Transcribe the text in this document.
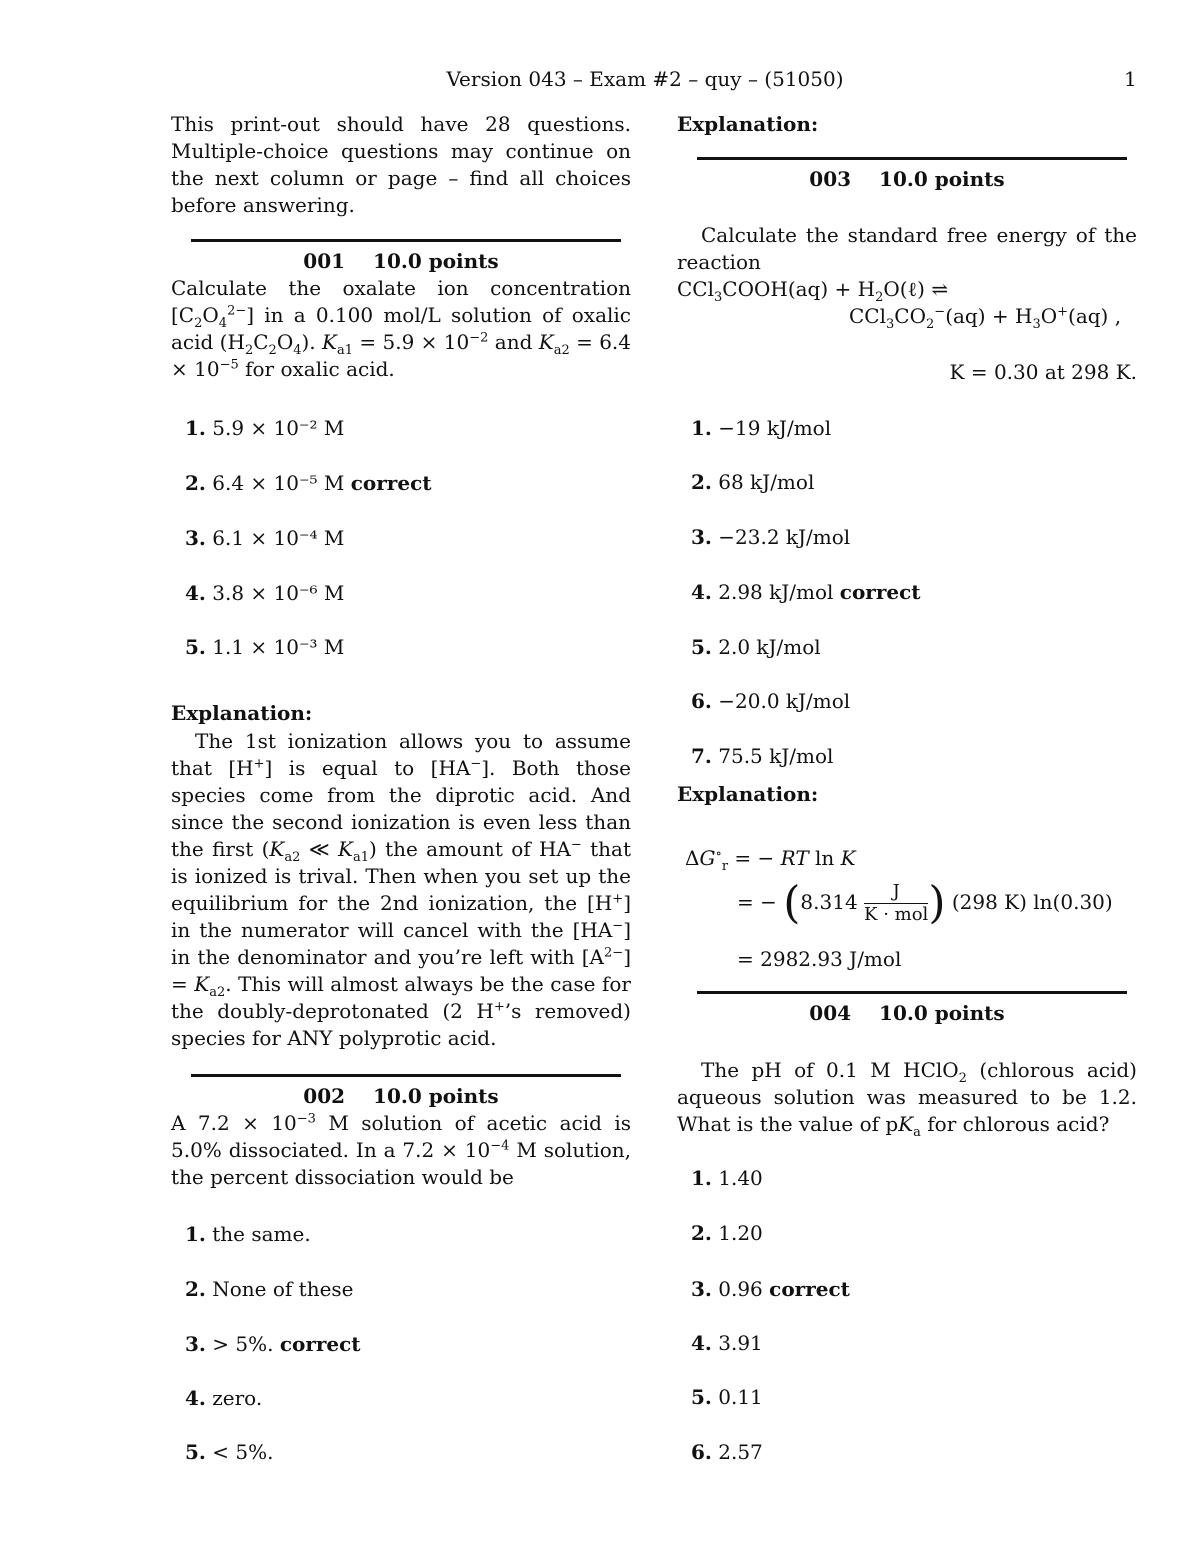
Version 043 – Exam #2 – quy – (51050)	1

This print-out should have 28 questions. Multiple-choice questions may continue on the next column or page – find all choices before answering.

001 10.0 points

Calculate the oxalate ion concentration $[C_2O_4^{2-}]$ in a 0.100 mol/L solution of oxalic acid $(H_2C_2O_4)$. $K_{a1} = 5.9 \times 10^{-2}$ and $K_{a2} = 6.4 \times 10^{-5}$ for oxalic acid.

1. 5.9 × 10⁻² M
2. 6.4 × 10⁻⁵ M correct
3. 6.1 × 10⁻⁴ M
4. 3.8 × 10⁻⁶ M
5. 1.1 × 10⁻³ M
Explanation:

The 1st ionization allows you to assume that [H+] is equal to [HA−]. Both those species come from the diprotic acid. And since the second ionization is even less than the first ($K_{a2}$ ≪ $K_{a1}$) the amount of HA− that is ionized is trival. Then when you set up the equilibrium for the 2nd ionization, the [H+] in the numerator will cancel with the [HA−] in the denominator and you’re left with $[A^{2-}] = K_{a2}$. This will almost always be the case for the doubly-deprotonated (2 H+’s removed) species for ANY polyprotic acid.

002 10.0 points

A $7.2 \times 10^{-3}$ M solution of acetic acid is 5.0% dissociated. In a $7.2 \times 10^{-4}$ M solution, the percent dissociation would be

1. the same.
2. None of these
3. > 5%. correct
4. zero.
5. < 5%.
Explanation:
003 10.0 points

Calculate the standard free energy of the reaction

CCl$_3$COOH(aq) + $H_2O(\ell)$ ⇌
$CCl_3CO_2^-(aq) + H_3O^+(aq)$ ,
K = 0.30 at 298 K.
1. −19 kJ/mol
2. 68 kJ/mol
3. −23.2 kJ/mol
4. 2.98 kJ/mol correct
5. 2.0 kJ/mol
6. −20.0 kJ/mol
7. 75.5 kJ/mol
Explanation:
$\Delta G^\circ_r$ = − RT ln K
= − ($8.314 \frac{J}{\text{K · mol}}$ ) (298 K) ln(0.30)
= 2982.93 J/mol
004 10.0 points

The pH of 0.1 M HClO$_2$ (chlorous acid) aqueous solution was measured to be 1.2. What is the value of $pK_a$ for chlorous acid?

1. 1.40
2. 1.20
3. 0.96 correct
4. 3.91
5. 0.11
6. 2.57
